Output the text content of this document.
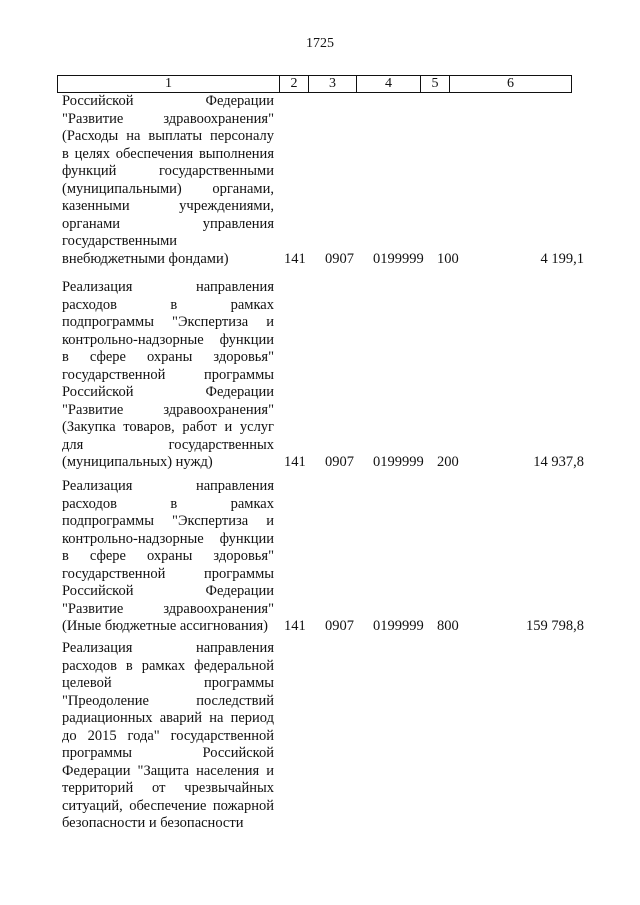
1725
1	2	3	4	5	6
Российской Федерации
"Развитие здравоохранения"
(Расходы на выплаты персоналу
в целях обеспечения выполнения
функций государственными
(муниципальными) органами,
казенными учреждениями,
органами управления
государственными
внебюджетными фондами)	141 0907 0199999 100	4 199,1
Реализация направления
расходов в рамках
подпрограммы "Экспертиза и
контрольно-надзорные функции
в сфере охраны здоровья"
государственной программы
Российской Федерации
"Развитие здравоохранения"
(Закупка товаров, работ и услуг
для государственных
(муниципальных) нужд)	141 0907 0199999 200	14 937,8
Реализация направления
расходов в рамках
подпрограммы "Экспертиза и
контрольно-надзорные функции
в сфере охраны здоровья"
государственной программы
Российской Федерации
"Развитие здравоохранения"
(Иные бюджетные ассигнования)	141 0907 0199999 800	159 798,8
Реализация направления
расходов в рамках федеральной
целевой программы
"Преодоление последствий
радиационных аварий на период
до 2015 года" государственной
программы Российской
Федерации "Защита населения и
территорий от чрезвычайных
ситуаций, обеспечение пожарной
безопасности и безопасности
